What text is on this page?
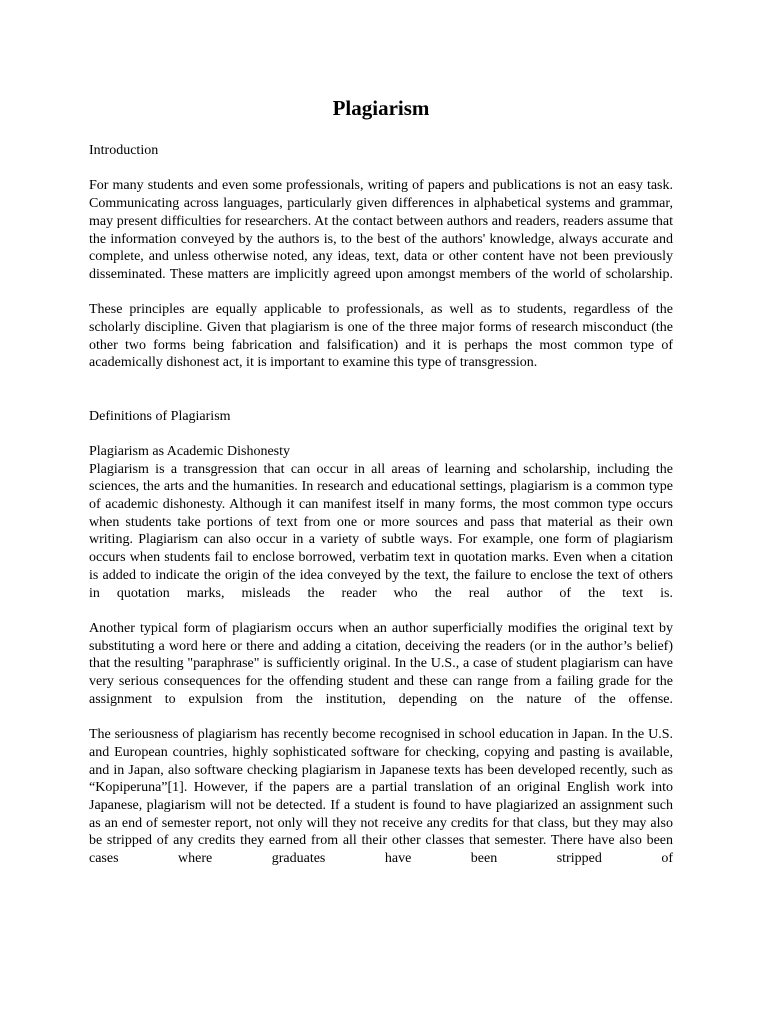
Plagiarism
Introduction

For many students and even some professionals, writing of papers and publications is not an easy task. Communicating across languages, particularly given differences in alphabetical systems and grammar, may present difficulties for researchers. At the contact between authors and readers, readers assume that the information conveyed by the authors is, to the best of the authors' knowledge, always accurate and complete, and unless otherwise noted, any ideas, text, data or other content have not been previously disseminated. These matters are implicitly agreed upon amongst members of the world of scholarship.

These principles are equally applicable to professionals, as well as to students, regardless of the scholarly discipline. Given that plagiarism is one of the three major forms of research misconduct (the other two forms being fabrication and falsification) and it is perhaps the most common type of academically dishonest act, it is important to examine this type of transgression.

Definitions of Plagiarism
Plagiarism as Academic Dishonesty

Plagiarism is a transgression that can occur in all areas of learning and scholarship, including the sciences, the arts and the humanities. In research and educational settings, plagiarism is a common type of academic dishonesty. Although it can manifest itself in many forms, the most common type occurs when students take portions of text from one or more sources and pass that material as their own writing. Plagiarism can also occur in a variety of subtle ways. For example, one form of plagiarism occurs when students fail to enclose borrowed, verbatim text in quotation marks. Even when a citation is added to indicate the origin of the idea conveyed by the text, the failure to enclose the text of others in quotation marks, misleads the reader who the real author of the text is.

Another typical form of plagiarism occurs when an author superficially modifies the original text by substituting a word here or there and adding a citation, deceiving the readers (or in the author’s belief) that the resulting "paraphrase" is sufficiently original. In the U.S., a case of student plagiarism can have very serious consequences for the offending student and these can range from a failing grade for the assignment to expulsion from the institution, depending on the nature of the offense.

The seriousness of plagiarism has recently become recognised in school education in Japan. In the U.S. and European countries, highly sophisticated software for checking, copying and pasting is available, and in Japan, also software checking plagiarism in Japanese texts has been developed recently, such as “Kopiperuna”[1]. However, if the papers are a partial translation of an original English work into Japanese, plagiarism will not be detected. If a student is found to have plagiarized an assignment such as an end of semester report, not only will they not receive any credits for that class, but they may also be stripped of any credits they earned from all their other classes that semester. There have also been cases where graduates have been stripped of
